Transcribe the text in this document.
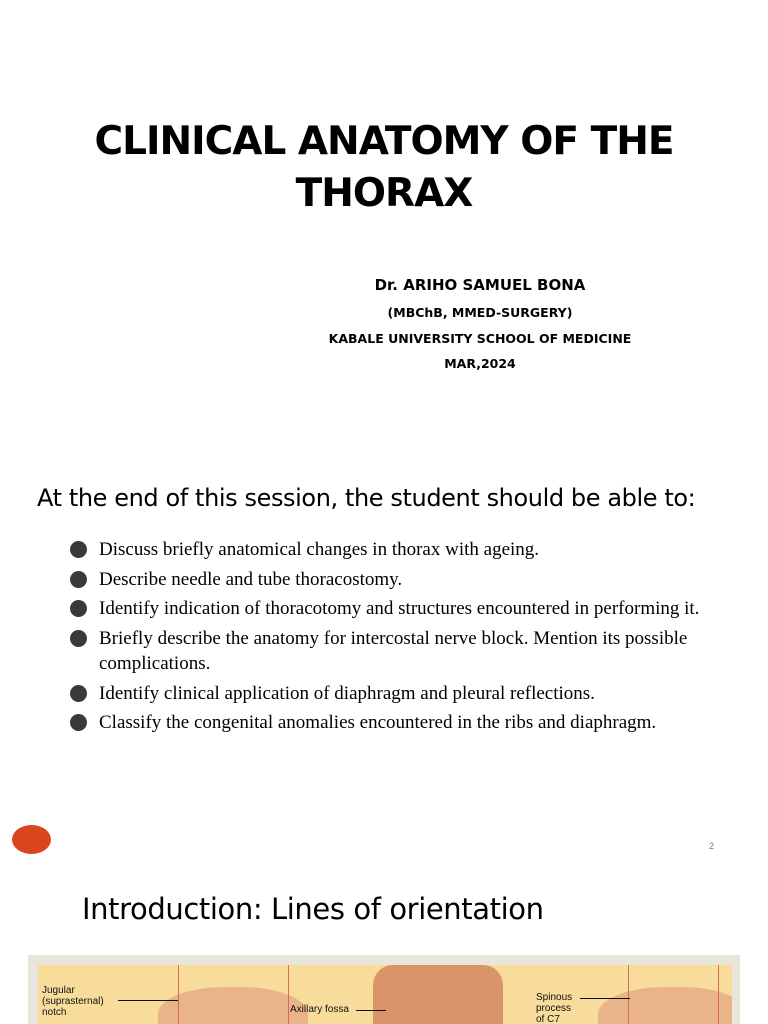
CLINICAL ANATOMY OF THE THORAX
Dr. ARIHO SAMUEL BONA
(MBChB, MMED-SURGERY)
KABALE UNIVERSITY SCHOOL OF MEDICINE
MAR,2024
At the end of this session, the student should be able to:
Discuss briefly anatomical changes in thorax with ageing.
Describe needle and tube thoracostomy.
Identify indication of thoracotomy and structures encountered in performing it.
Briefly describe the anatomy for intercostal nerve block. Mention its possible complications.
Identify clinical application of diaphragm and pleural reflections.
Classify the congenital anomalies encountered in the ribs and diaphragm.
2
Introduction: Lines of orientation
Jugular (suprasternal) notch	Axillary fossa
Spinous process of C7
